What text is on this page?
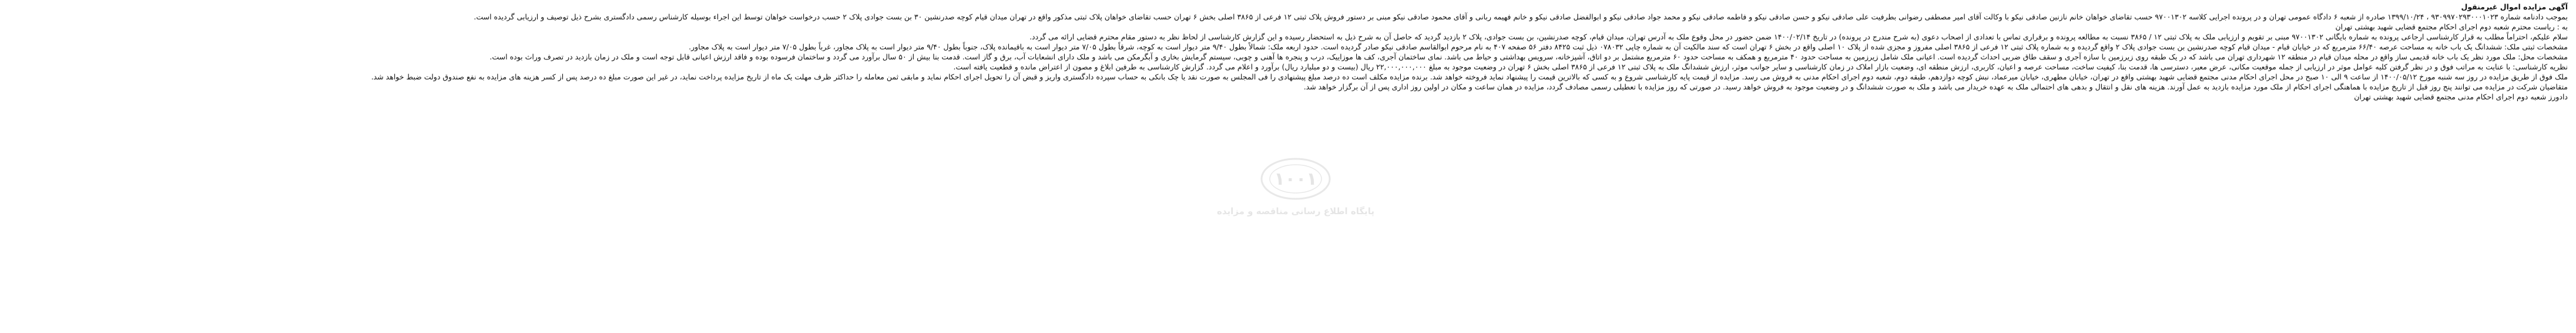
آگهی مزایده اموال غیرمنقول

بموجب دادنامه شماره ۹۳۰۹۹۷۰۲۹۳۰۰۰۱۰۲۳ ، ۱۳۹۹/۱۰/۲۴ صادره از شعبه ۶ دادگاه عمومی تهران و در پرونده اجرایی کلاسه ۹۷۰۰۱۳۰۲ حسب تقاضای خواهان خانم نازنین صادقی نیکو با وکالت آقای امیر مصطفی رضوانی بطرفیت علی صادقی نیکو و حسن صادقی نیکو و فاطمه صادقی نیکو و محمد جواد صادقی نیکو و ابوالفضل صادقی نیکو و خانم فهیمه ربانی و آقای محمود صادقی نیکو مبنی بر دستور فروش پلاک ثبتی ۱۲ فرعی از ۳۸۶۵ اصلی بخش ۶ تهران حسب تقاضای خواهان پلاک ثبتی مذکور واقع در تهران میدان قیام کوچه صدرنشین ۳۰ بن بست جوادی پلاک ۲ حسب درخواست خواهان توسط این اجراء بوسیله کارشناس رسمی دادگستری بشرح ذیل توصیف و ارزیابی گردیده است.

به : ریاست محترم شعبه دوم اجرای احکام مجتمع قضایی شهید بهشتی تهران

سلام علیکم، احتراماً مطلب به قرار کارشناسی ارجاعی پرونده به شماره بایگانی ۹۷۰۰۱۳۰۲ مبنی بر تقویم و ارزیابی ملک به پلاک ثبتی ۱۲ / ۳۸۶۵ نسبت به مطالعه پرونده و برقراری تماس با تعدادی از اصحاب دعوی (به شرح مندرج در پرونده) در تاریخ ۱۴۰۰/۰۲/۱۴ ضمن حضور در محل وقوع ملک به آدرس تهران، میدان قیام، کوچه صدرنشین، بن بست جوادی، پلاک ۲ بازدید گردید که حاصل آن به شرح ذیل به استحضار رسیده و این گزارش کارشناسی از لحاظ نظر به دستور مقام محترم قضایی ارائه می گردد.

مشخصات ثبتی ملک: ششدانگ یک باب خانه به مساحت عرصه ۶۶/۴۰ مترمربع که در خیابان قیام - میدان قیام کوچه صدرنشین بن بست جوادی پلاک ۲ واقع گردیده و به شماره پلاک ثبتی ۱۲ فرعی از ۳۸۶۵ اصلی مفروز و مجزی شده از پلاک ۱۰ اصلی واقع در بخش ۶ تهران است که سند مالکیت آن به شماره چاپی ۰۷۸۰۳۲ ذیل ثبت ۸۴۲۵ دفتر ۵۶ صفحه ۴۰۷ به نام مرحوم ابوالقاسم صادقی نیکو صادر گردیده است. حدود اربعه ملک: شمالاً بطول ۹/۴۰ متر دیوار است به کوچه، شرقاً بطول ۷/۰۵ متر دیوار است به باقیمانده پلاک، جنوباً بطول ۹/۴۰ متر دیوار است به پلاک مجاور، غرباً بطول ۷/۰۵ متر دیوار است به پلاک مجاور.

مشخصات محل: ملک مورد نظر یک باب خانه قدیمی ساز واقع در محله میدان قیام در منطقه ۱۲ شهرداری تهران می باشد که در یک طبقه روی زیرزمین با سازه آجری و سقف طاق ضربی احداث گردیده است. اعیانی ملک شامل زیرزمین به مساحت حدود ۴۰ مترمربع و همکف به مساحت حدود ۶۰ مترمربع مشتمل بر دو اتاق، آشپزخانه، سرویس بهداشتی و حیاط می باشد. نمای ساختمان آجری، کف ها موزاییک، درب و پنجره ها آهنی و چوبی، سیستم گرمایش بخاری و آبگرمکن می باشد و ملک دارای انشعابات آب، برق و گاز است. قدمت بنا بیش از ۵۰ سال برآورد می گردد و ساختمان فرسوده بوده و فاقد ارزش اعیانی قابل توجه است و ملک در زمان بازدید در تصرف وراث بوده است.

نظریه کارشناسی: با عنایت به مراتب فوق و در نظر گرفتن کلیه عوامل موثر در ارزیابی از جمله موقعیت مکانی، عرض معبر، دسترسی ها، قدمت بنا، کیفیت ساخت، مساحت عرصه و اعیان، کاربری، ارزش منطقه ای، وضعیت بازار املاک در زمان کارشناسی و سایر جوانب موثر، ارزش ششدانگ ملک به پلاک ثبتی ۱۲ فرعی از ۳۸۶۵ اصلی بخش ۶ تهران در وضعیت موجود به مبلغ ۲۲,۰۰۰,۰۰۰,۰۰۰ ریال (بیست و دو میلیارد ریال) برآورد و اعلام می گردد. گزارش کارشناسی به طرفین ابلاغ و مصون از اعتراض مانده و قطعیت یافته است.

ملک فوق از طریق مزایده در روز سه شنبه مورخ ۱۴۰۰/۰۵/۱۲ از ساعت ۹ الی ۱۰ صبح در محل اجرای احکام مدنی مجتمع قضایی شهید بهشتی واقع در تهران، خیابان مطهری، خیابان میرعماد، نبش کوچه دوازدهم، طبقه دوم، شعبه دوم اجرای احکام مدنی به فروش می رسد. مزایده از قیمت پایه کارشناسی شروع و به کسی که بالاترین قیمت را پیشنهاد نماید فروخته خواهد شد. برنده مزایده مکلف است ده درصد مبلغ پیشنهادی را فی المجلس به صورت نقد یا چک بانکی به حساب سپرده دادگستری واریز و قبض آن را تحویل اجرای احکام نماید و مابقی ثمن معامله را حداکثر ظرف مهلت یک ماه از تاریخ مزایده پرداخت نماید، در غیر این صورت مبلغ ده درصد پس از کسر هزینه های مزایده به نفع صندوق دولت ضبط خواهد شد.

متقاضیان شرکت در مزایده می توانند پنج روز قبل از تاریخ مزایده با هماهنگی اجرای احکام از ملک مورد مزایده بازدید به عمل آورند. هزینه های نقل و انتقال و بدهی های احتمالی ملک به عهده خریدار می باشد و ملک به صورت ششدانگ و در وضعیت موجود به فروش خواهد رسید. در صورتی که روز مزایده با تعطیلی رسمی مصادف گردد، مزایده در همان ساعت و مکان در اولین روز اداری پس از آن برگزار خواهد شد.

دادورز شعبه دوم اجرای احکام مدنی مجتمع قضایی شهید بهشتی تهران

۱۰۰۱
پایگاه اطلاع رسانی مناقصه و مزایده
